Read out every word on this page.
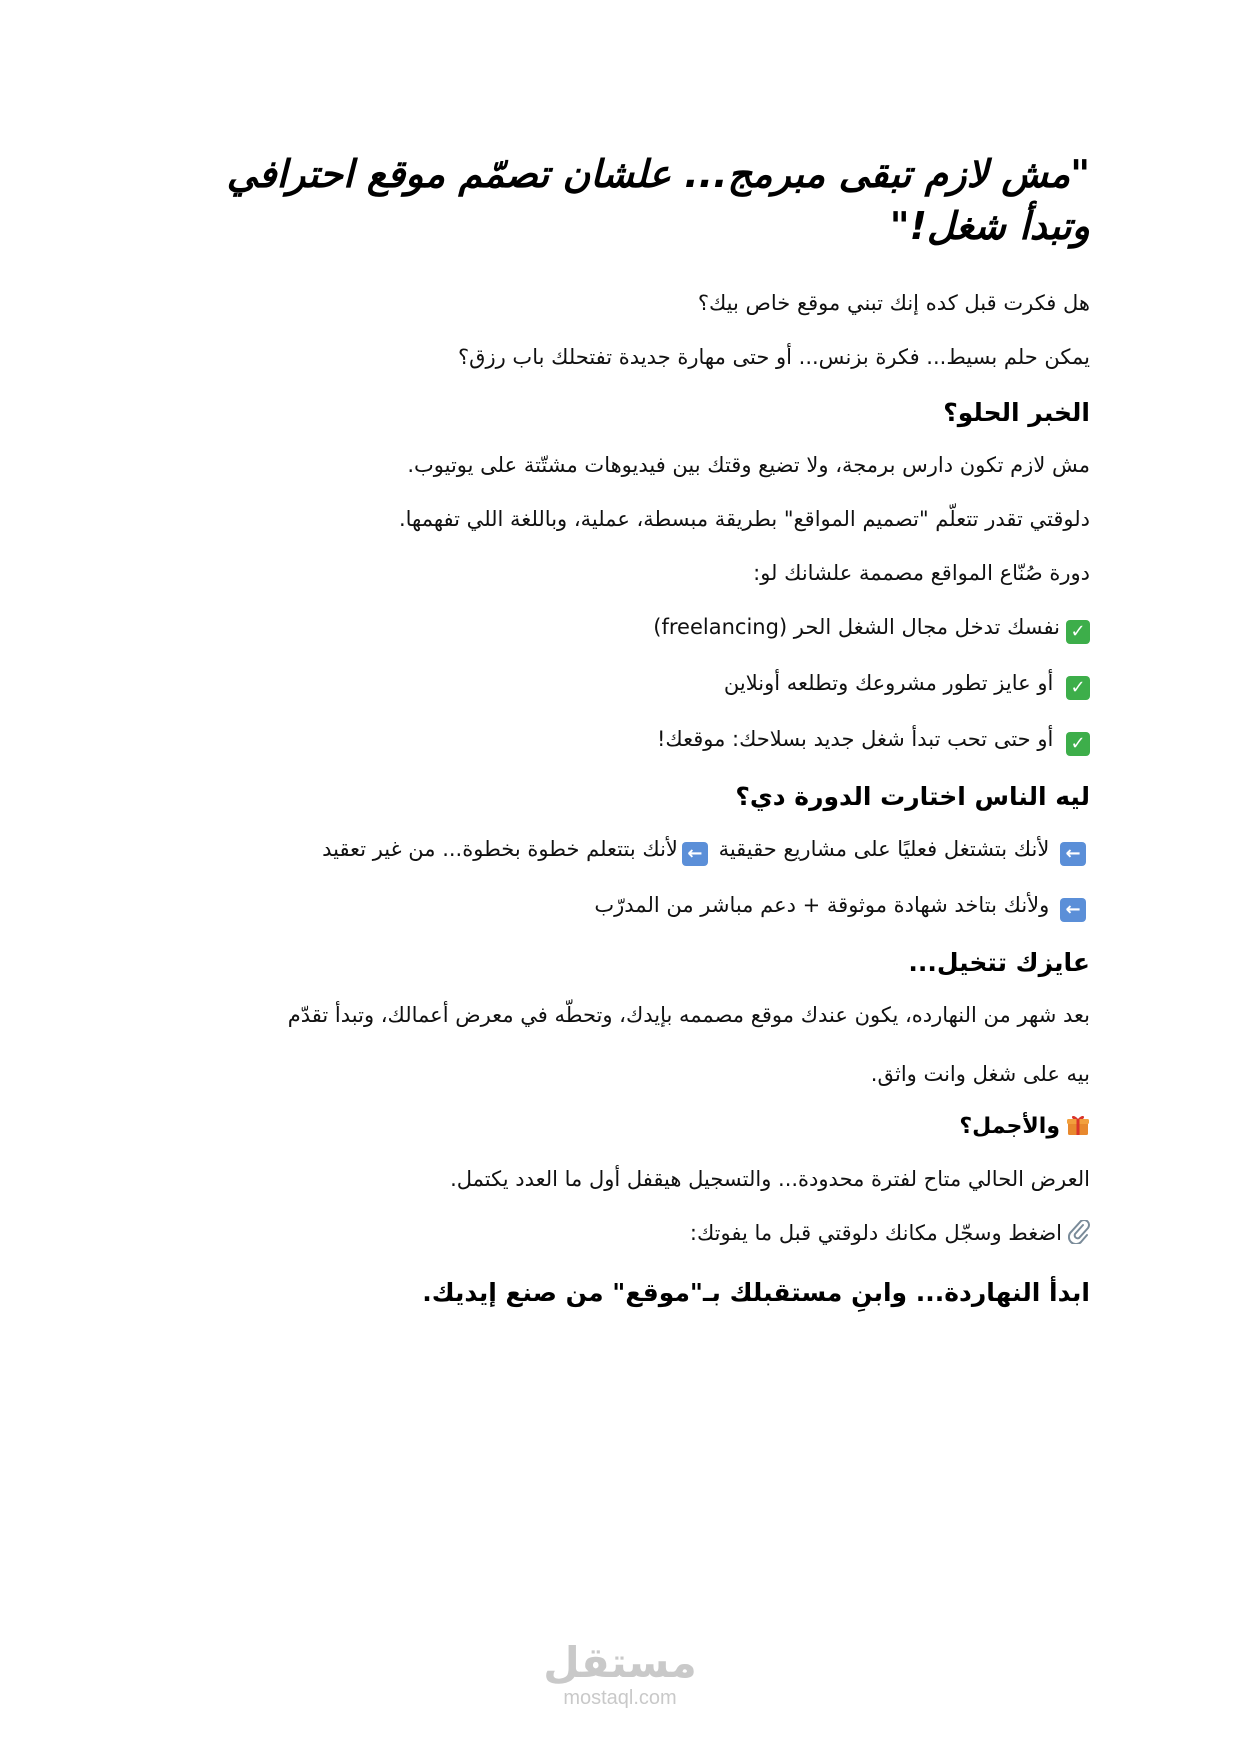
"مش لازم تبقى مبرمج... علشان تصمّم موقع احترافي وتبدأ شغل!"

هل فكرت قبل كده إنك تبني موقع خاص بيك؟

يمكن حلم بسيط... فكرة بزنس... أو حتى مهارة جديدة تفتحلك باب رزق؟

الخبر الحلو؟

مش لازم تكون دارس برمجة، ولا تضيع وقتك بين فيديوهات مشتّتة على يوتيوب.

دلوقتي تقدر تتعلّم "تصميم المواقع" بطريقة مبسطة، عملية، وباللغة اللي تفهمها.

دورة صُنّاع المواقع مصممة علشانك لو:

✓نفسك تدخل مجال الشغل الحر (freelancing)

✓ أو عايز تطور مشروعك وتطلعه أونلاين

✓ أو حتى تحب تبدأ شغل جديد بسلاحك: موقعك!

ليه الناس اختارت الدورة دي؟

← لأنك بتشتغل فعليًا على مشاريع حقيقية ←لأنك بتتعلم خطوة بخطوة... من غير تعقيد

← ولأنك بتاخد شهادة موثوقة + دعم مباشر من المدرّب

عايزك تتخيل...

بعد شهر من النهارده، يكون عندك موقع مصممه بإيدك، وتحطّه في معرض أعمالك، وتبدأ تقدّم

بيه على شغل وانت واثق.

والأجمل؟

العرض الحالي متاح لفترة محدودة... والتسجيل هيقفل أول ما العدد يكتمل.

اضغط وسجّل مكانك دلوقتي قبل ما يفوتك:

ابدأ النهاردة... وابنِ مستقبلك بـ"موقع" من صنع إيديك.

مستقل
mostaql.com
